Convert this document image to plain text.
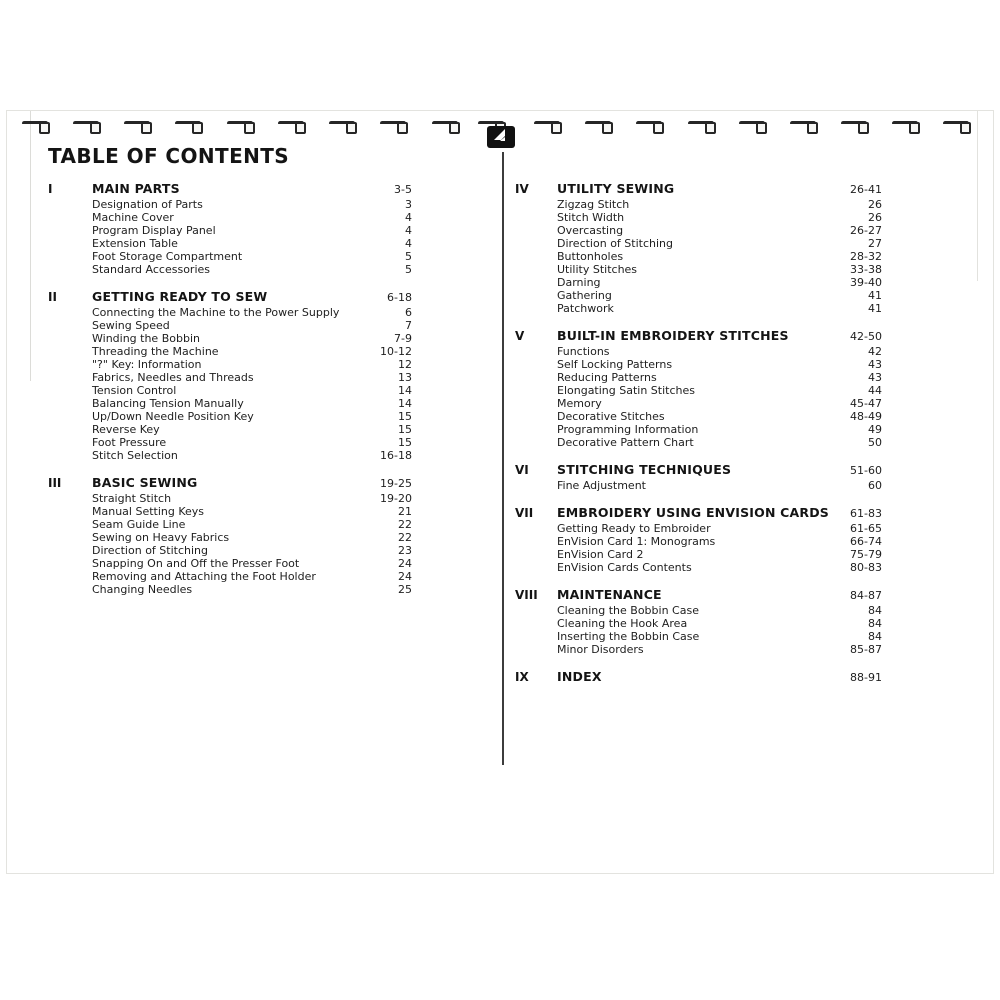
TABLE OF CONTENTS
I	MAIN PARTS	3-5
Designation of Parts	3
Machine Cover	4
Program Display Panel	4
Extension Table	4
Foot Storage Compartment	5
Standard Accessories	5
II	GETTING READY TO SEW	6-18
Connecting the Machine to the Power Supply	6
Sewing Speed	7
Winding the Bobbin	7-9
Threading the Machine	10-12
"?" Key: Information	12
Fabrics, Needles and Threads	13
Tension Control	14
Balancing Tension Manually	14
Up/Down Needle Position Key	15
Reverse Key	15
Foot Pressure	15
Stitch Selection	16-18
III	BASIC SEWING	19-25
Straight Stitch	19-20
Manual Setting Keys	21
Seam Guide Line	22
Sewing on Heavy Fabrics	22
Direction of Stitching	23
Snapping On and Off the Presser Foot	24
Removing and Attaching the Foot Holder	24
Changing Needles	25
IV	UTILITY SEWING	26-41
Zigzag Stitch	26
Stitch Width	26
Overcasting	26-27
Direction of Stitching	27
Buttonholes	28-32
Utility Stitches	33-38
Darning	39-40
Gathering	41
Patchwork	41
V	BUILT-IN EMBROIDERY STITCHES	42-50
Functions	42
Self Locking Patterns	43
Reducing Patterns	43
Elongating Satin Stitches	44
Memory	45-47
Decorative Stitches	48-49
Programming Information	49
Decorative Pattern Chart	50
VI	STITCHING TECHNIQUES	51-60
Fine Adjustment	60
VII	EMBROIDERY USING ENVISION CARDS	61-83
Getting Ready to Embroider	61-65
EnVision Card 1: Monograms	66-74
EnVision Card 2	75-79
EnVision Cards Contents	80-83
VIII	MAINTENANCE	84-87
Cleaning the Bobbin Case	84
Cleaning the Hook Area	84
Inserting the Bobbin Case	84
Minor Disorders	85-87
IX	INDEX	88-91
